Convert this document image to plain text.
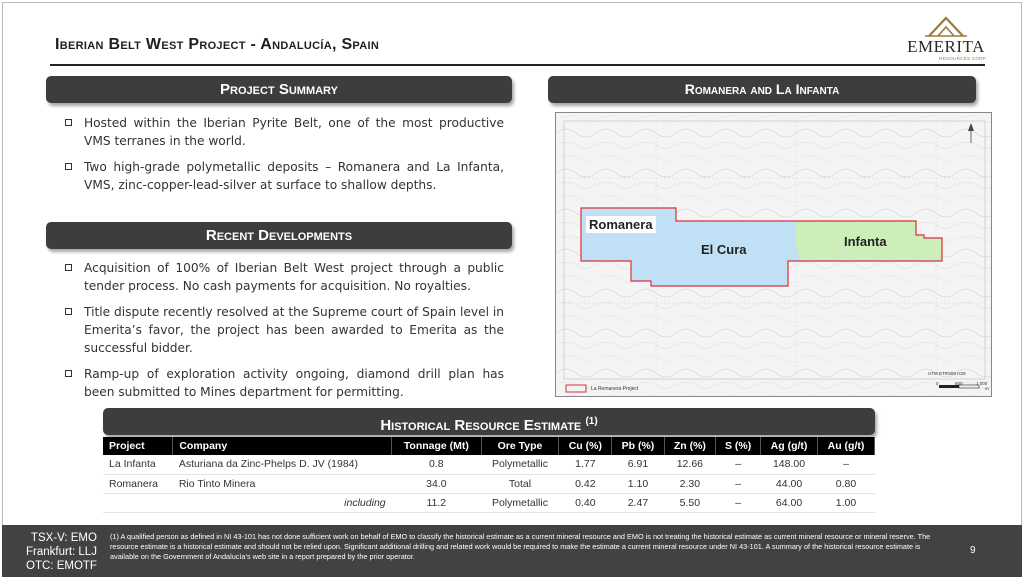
Iberian Belt West Project - Andalucía, Spain	EMERITA
RESOURCES CORP.
Project Summary
Hosted within the Iberian Pyrite Belt, one of the most productive VMS terranes in the world.
Two high-grade polymetallic deposits – Romanera and La Infanta, VMS, zinc-copper-lead-silver at surface to shallow depths.
Recent Developments
Acquisition of 100% of Iberian Belt West project through a public tender process. No cash payments for acquisition. No royalties.
Title dispute recently resolved at the Supreme court of Spain level in Emerita’s favor, the project has been awarded to Emerita as the successful bidder.
Ramp-up of exploration activity ongoing, diamond drill plan has been submitted to Mines department for permitting.
Romanera and La Infanta
Romanera
El Cura
Infanta
La Romanera Project
UTM ETRS89 H29
0	500	1 000
m
Historical Resource Estimate $^{(1)}$
Project	Company	Tonnage (Mt)	Ore Type	Cu (%)	Pb (%)	Zn (%)	S (%)	Ag (g/t)	Au (g/t)
La Infanta	Asturiana da Zinc-Phelps D. JV (1984)	0.8	Polymetallic	1.77	6.91	12.66	–	148.00	–
Romanera	Rio Tinto Minera	34.0	Total	0.42	1.10	2.30	–	44.00	0.80
	including	11.2	Polymetallic	0.40	2.47	5.50	–	64.00	1.00
TSX-V: EMO
Frankfurt: LLJ
OTC: EMOTF
(1) A qualified person as defined in NI 43-101 has not done sufficient work on behalf of EMO to classify the historical estimate as a current mineral resource and EMO is not treating the historical estimate as current mineral resource or mineral reserve. The resource estimate is a historical estimate and should not be relied upon. Significant additional drilling and related work would be required to make the estimate a current mineral resource under NI 43-101. A summary of the historical resource estimate is available on the Government of Andalucía’s web site in a report prepared by the prior operator.
9
